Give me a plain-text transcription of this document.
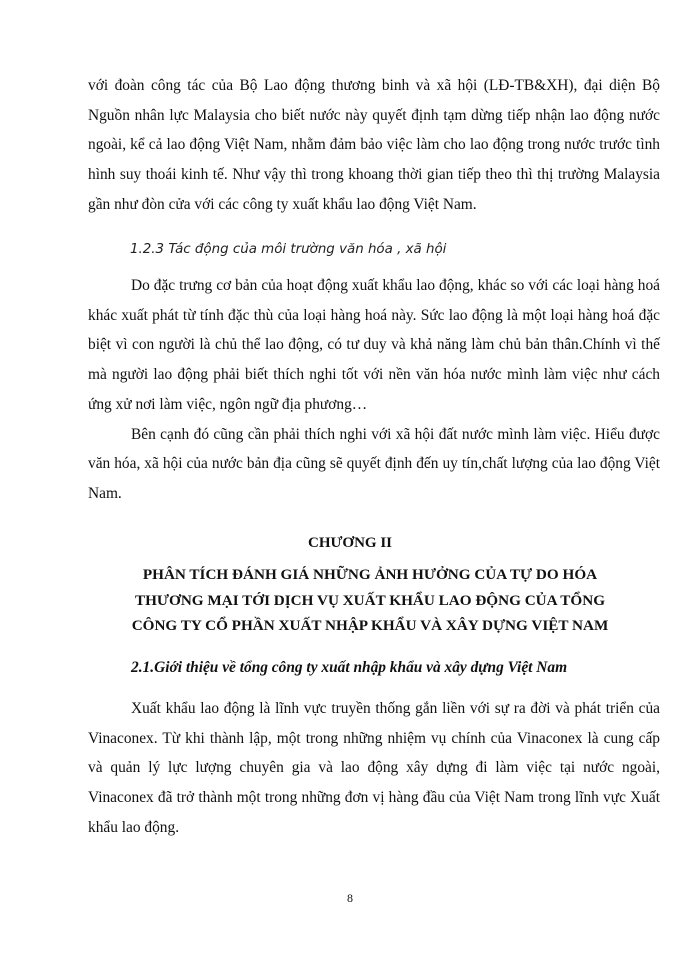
với đoàn công tác của Bộ Lao động thương binh và xã hội (LĐ-TB&XH), đại diện Bộ Nguồn nhân lực Malaysia cho biết nước này quyết định tạm dừng tiếp nhận lao động nước ngoài, kể cả lao động Việt Nam, nhằm đảm bảo việc làm cho lao động trong nước trước tình hình suy thoái kinh tế. Như vậy thì trong khoang thời gian tiếp theo thì thị trường Malaysia gần như đòn cửa với các công ty xuất khẩu lao động Việt Nam.

1.2.3 Tác động của môi trường văn hóa , xã hội

Do đặc trưng cơ bản của hoạt động xuất khẩu lao động, khác so với các loại hàng hoá khác xuất phát từ tính đặc thù của loại hàng hoá này. Sức lao động là một loại hàng hoá đặc biệt vì con người là chủ thể lao động, có tư duy và khả năng làm chủ bản thân.Chính vì thế mà người lao động phải biết thích nghi tốt với nền văn hóa nước mình làm việc như cách ứng xử nơi làm việc, ngôn ngữ địa phương…

Bên cạnh đó cũng cần phải thích nghi với xã hội đất nước mình làm việc. Hiểu được văn hóa, xã hội của nước bản địa cũng sẽ quyết định đến uy tín,chất lượng của lao động Việt Nam.

CHƯƠNG II

PHÂN TÍCH ĐÁNH GIÁ NHỮNG ẢNH HƯỞNG CỦA TỰ DO HÓA
THƯƠNG MẠI TỚI DỊCH VỤ XUẤT KHẨU LAO ĐỘNG CỦA TỔNG
CÔNG TY CỔ PHẦN XUẤT NHẬP KHẨU VÀ XÂY DỰNG VIỆT NAM

2.1.Giới thiệu về tổng công ty xuất nhập khẩu và xây dựng Việt Nam

Xuất khẩu lao động là lĩnh vực truyền thống gắn liền với sự ra đời và phát triển của Vinaconex. Từ khi thành lập, một trong những nhiệm vụ chính của Vinaconex là cung cấp và quản lý lực lượng chuyên gia và lao động xây dựng đi làm việc tại nước ngoài, Vinaconex đã trở thành một trong những đơn vị hàng đầu của Việt Nam trong lĩnh vực Xuất khẩu lao động.

8
